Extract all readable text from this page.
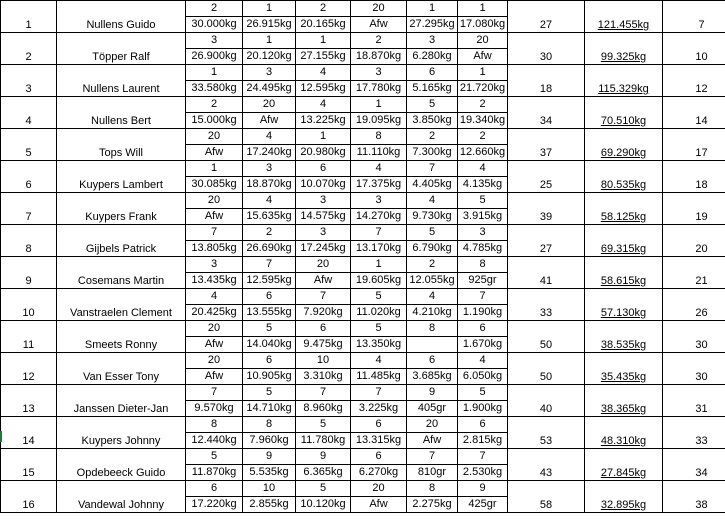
1	Nullens Guido	2	1	2	20	1	1	27	121.455kg	7
		30.000kg	26.915kg	20.165kg	Afw	27.295kg	17.080kg			
2	Töpper Ralf	3	1	1	2	3	20	30	99.325kg	10
		26.900kg	20.120kg	27.155kg	18.870kg	6.280kg	Afw			
3	Nullens Laurent	1	3	4	3	6	1	18	115.329kg	12
		33.580kg	24.495kg	12.595kg	17.780kg	5.165kg	21.720kg			
4	Nullens Bert	2	20	4	1	5	2	34	70.510kg	14
		15.000kg	Afw	13.225kg	19.095kg	3.850kg	19.340kg			
5	Tops Will	20	4	1	8	2	2	37	69.290kg	17
		Afw	17.240kg	20.980kg	11.110kg	7.300kg	12.660kg			
6	Kuypers Lambert	1	3	6	4	7	4	25	80.535kg	18
		30.085kg	18.870kg	10.070kg	17.375kg	4.405kg	4.135kg			
7	Kuypers Frank	20	4	3	3	4	5	39	58.125kg	19
		Afw	15.635kg	14.575kg	14.270kg	9.730kg	3.915kg			
8	Gijbels Patrick	7	2	3	7	5	3	27	69.315kg	20
		13.805kg	26.690kg	17.245kg	13.170kg	6.790kg	4.785kg			
9	Cosemans Martin	3	7	20	1	2	8	41	58.615kg	21
		13.435kg	12.595kg	Afw	19.605kg	12.055kg	925gr			
10	Vanstraelen Clement	4	6	7	5	4	7	33	57.130kg	26
		20.425kg	13.555kg	7.920kg	11.020kg	4.210kg	1.190kg			
11	Smeets Ronny	20	5	6	5	8	6	50	38.535kg	30
		Afw	14.040kg	9.475kg	13.350kg		1.670kg			
12	Van Esser Tony	20	6	10	4	6	4	50	35.435kg	30
		Afw	10.905kg	3.310kg	11.485kg	3.685kg	6.050kg			
13	Janssen Dieter-Jan	7	5	7	7	9	5	40	38.365kg	31
		9.570kg	14.710kg	8.960kg	3.225kg	405gr	1.900kg			
14	Kuypers Johnny	8	8	5	6	20	6	53	48.310kg	33
		12.440kg	7.960kg	11.780kg	13.315kg	Afw	2.815kg			
15	Opdebeeck Guido	5	9	9	6	7	7	43	27.845kg	34
		11.870kg	5.535kg	6.365kg	6.270kg	810gr	2.530kg			
16	Vandewal Johnny	6	10	5	20	8	9	58	32.895kg	38
		17.220kg	2.855kg	10.120kg	Afw	2.275kg	425gr			
